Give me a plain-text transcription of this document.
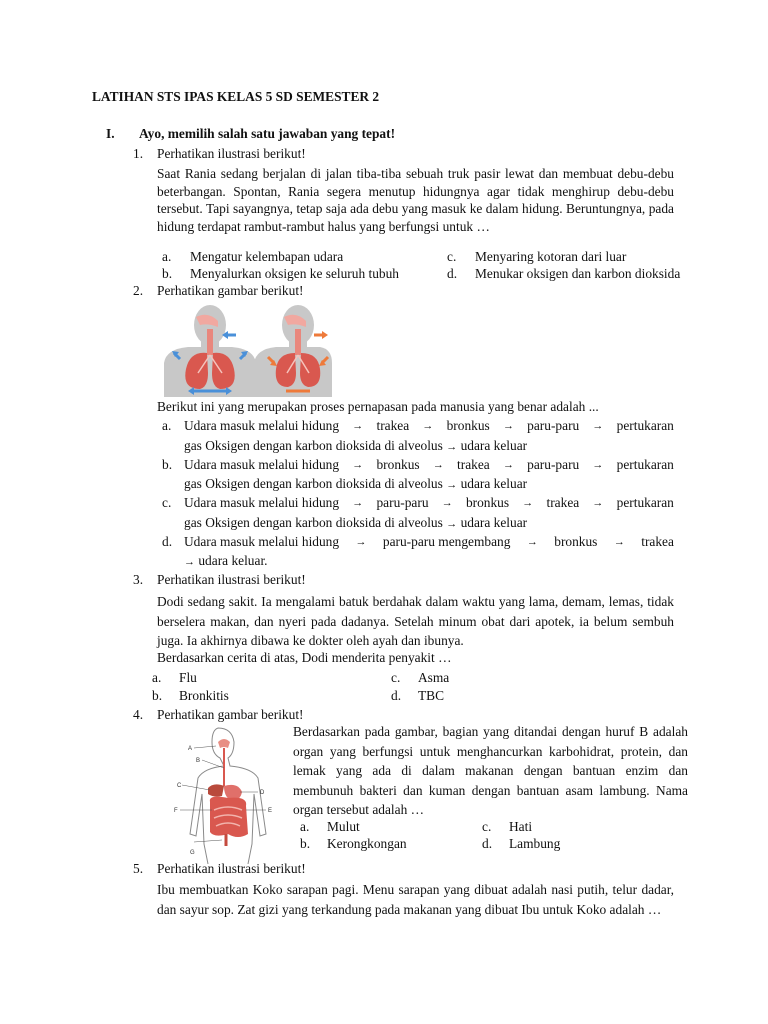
LATIHAN STS IPAS KELAS 5 SD SEMESTER 2
I. Ayo, memilih salah satu jawaban yang tepat!
1. Perhatikan ilustrasi berikut!
Saat Rania sedang berjalan di jalan tiba-tiba sebuah truk pasir lewat dan membuat debu-debu beterbangan. Spontan, Rania segera menutup hidungnya agar tidak menghirup debu-debu tersebut. Tapi sayangnya, tetap saja ada debu yang masuk ke dalam hidung. Beruntungnya, pada hidung terdapat rambut-rambut halus yang berfungsi untuk …
a. Mengatur kelembapan udara
b. Menyalurkan oksigen ke seluruh tubuh
c. Menyaring kotoran dari luar
d. Menukar oksigen dan karbon dioksida
2. Perhatikan gambar berikut!
Berikut ini yang merupakan proses pernapasan pada manusia yang benar adalah ...
a. Udara masuk melalui hidung → trakea → bronkus → paru-paru → pertukaran
gas Oksigen dengan karbon dioksida di alveolus → udara keluar
b. Udara masuk melalui hidung → bronkus → trakea → paru-paru → pertukaran
gas Oksigen dengan karbon dioksida di alveolus → udara keluar
c. Udara masuk melalui hidung → paru-paru → bronkus → trakea → pertukaran
gas Oksigen dengan karbon dioksida di alveolus → udara keluar
d. Udara masuk melalui hidung → paru-paru mengembang → bronkus → trakea
→ udara keluar.
3. Perhatikan ilustrasi berikut!
Dodi sedang sakit. Ia mengalami batuk berdahak dalam waktu yang lama, demam, lemas, tidak berselera makan, dan nyeri pada dadanya. Setelah minum obat dari apotek, ia belum sembuh juga. Ia akhirnya dibawa ke dokter oleh ayah dan ibunya.
Berdasarkan cerita di atas, Dodi menderita penyakit …
a. Flu
b. Bronkitis
c. Asma
d. TBC
4. Perhatikan gambar berikut!
A
B
C
D
E
F
G
Berdasarkan pada gambar, bagian yang ditandai dengan huruf B adalah organ yang berfungsi untuk menghancurkan karbohidrat, protein, dan lemak yang ada di dalam makanan dengan bantuan enzim dan membunuh bakteri dan kuman dengan bantuan asam lambung. Nama organ tersebut adalah …
a. Mulut
b. Kerongkongan
c. Hati
d. Lambung
5. Perhatikan ilustrasi berikut!
Ibu membuatkan Koko sarapan pagi. Menu sarapan yang dibuat adalah nasi putih, telur dadar, dan sayur sop. Zat gizi yang terkandung pada makanan yang dibuat Ibu untuk Koko adalah …
